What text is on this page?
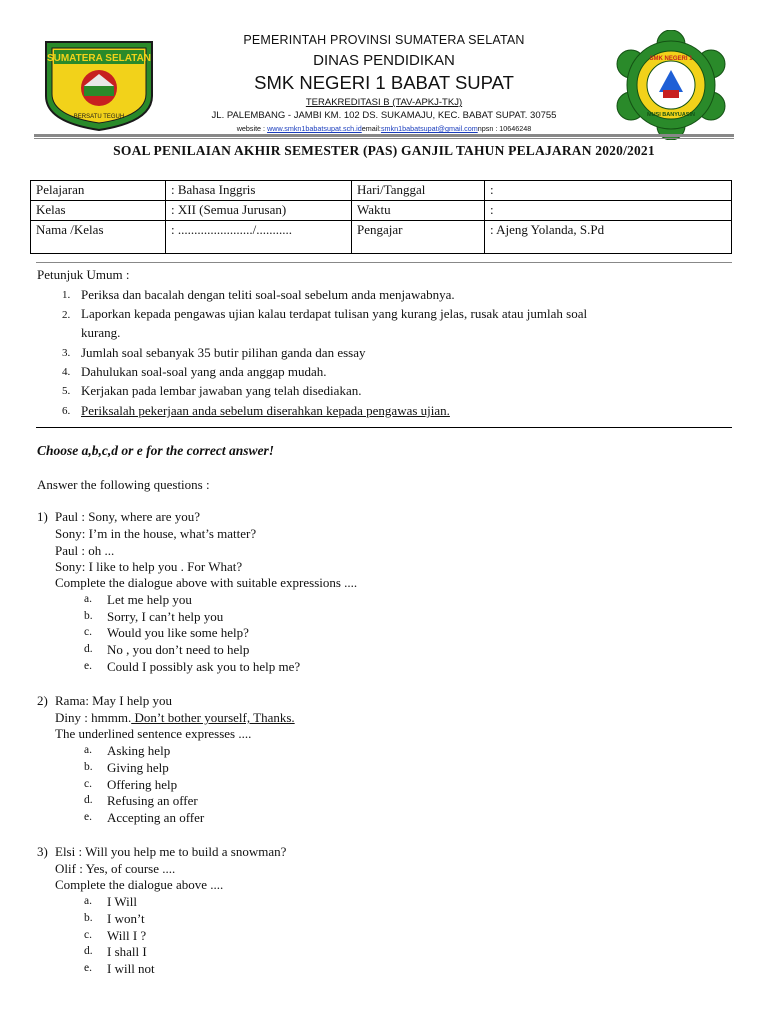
SUMATERA SELATAN
BERSATU TEGUH
SMK NEGERI 1
MUSI BANYUASIN
PEMERINTAH PROVINSI SUMATERA SELATAN
DINAS PENDIDIKAN
SMK NEGERI 1 BABAT SUPAT
TERAKREDITASI B (TAV-APKJ-TKJ)
JL. PALEMBANG - JAMBI KM. 102 DS. SUKAMAJU, KEC. BABAT SUPAT. 30755
website : www.smkn1babatsupat.sch.idemail:smkn1babatsupat@gmail.comnpsn : 10646248
SOAL PENILAIAN AKHIR SEMESTER (PAS) GANJIL TAHUN PELAJARAN 2020/2021
Pelajaran	: Bahasa Inggris	Hari/Tanggal	:
Kelas	: XII (Semua Jurusan)	Waktu	:
Nama /Kelas	: ......................./...........	Pengajar	: Ajeng Yolanda, S.Pd
Petunjuk Umum :
1. Periksa dan bacalah dengan teliti soal-soal sebelum anda menjawabnya.
2. Laporkan kepada pengawas ujian kalau terdapat tulisan yang kurang jelas, rusak atau jumlah soal
kurang.
3. Jumlah soal sebanyak 35 butir pilihan ganda dan essay
4. Dahulukan soal-soal yang anda anggap mudah.
5. Kerjakan pada lembar jawaban yang telah disediakan.
6. Periksalah pekerjaan anda sebelum diserahkan kepada pengawas ujian.
Choose a,b,c,d or e for the correct answer!
Answer the following questions :
1) Paul : Sony, where are you?
Sony: I’m in the house, what’s matter?
Paul : oh ...
Sony: I like to help you . For What?
Complete the dialogue above with suitable expressions ....
a. Let me help you
b. Sorry, I can’t help you
c. Would you like some help?
d. No , you don’t need to help
e. Could I possibly ask you to help me?
2) Rama: May I help you
Diny : hmmm. Don’t bother yourself, Thanks.
The underlined sentence expresses ....
a. Asking help
b. Giving help
c. Offering help
d. Refusing an offer
e. Accepting an offer
3) Elsi : Will you help me to build a snowman?
Olif : Yes, of course ....
Complete the dialogue above ....
a. I Will
b. I won’t
c. Will I ?
d. I shall I
e. I will not
